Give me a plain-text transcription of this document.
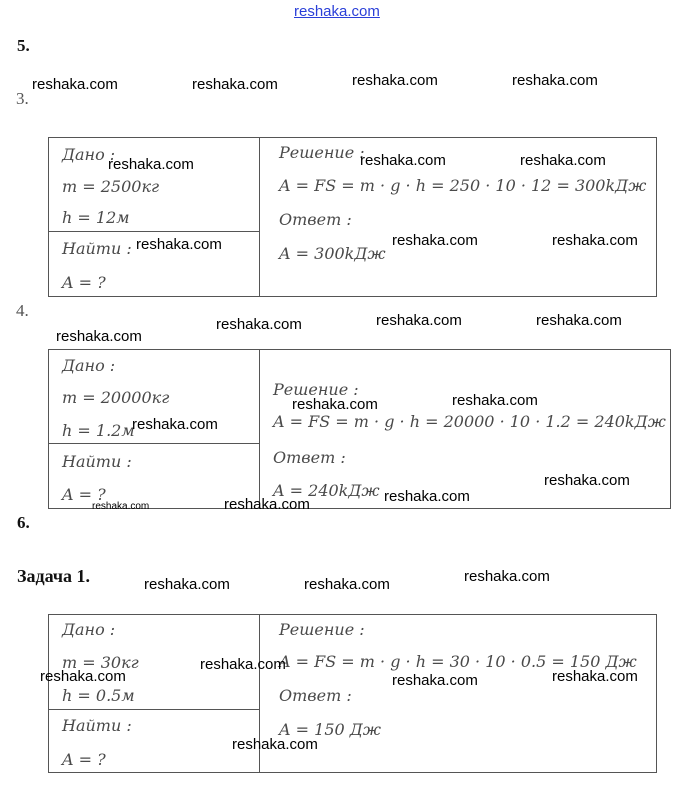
reshaka.com
5.
3.
Дано :
m = 2500кг
h = 12м
Найти :
A = ?
Решение :
A = FS = m · g · h = 250 · 10 · 12 = 300kДж
Ответ :
A = 300kДж
4.
Дано :
m = 20000кг
h = 1.2м
Найти :
A = ?
Решение :
A = FS = m · g · h = 20000 · 10 · 1.2 = 240kДж
Ответ :
A = 240kДж
6.
Задача 1.
Дано :
m = 30кг
h = 0.5м
Найти :
A = ?
Решение :
A = FS = m · g · h = 30 · 10 · 0.5 = 150 Дж
Ответ :
A = 150 Дж
reshaka.com	reshaka.com	reshaka.com	reshaka.com
reshaka.com	reshaka.com	reshaka.com
reshaka.com	reshaka.com	reshaka.com
reshaka.com
reshaka.com	reshaka.com	reshaka.com
reshaka.com	reshaka.com
reshaka.com
reshaka.com
reshaka.com
reshaka.com	reshaka.com
reshaka.com	reshaka.com	reshaka.com
reshaka.com
reshaka.com	reshaka.com	reshaka.com
reshaka.com
